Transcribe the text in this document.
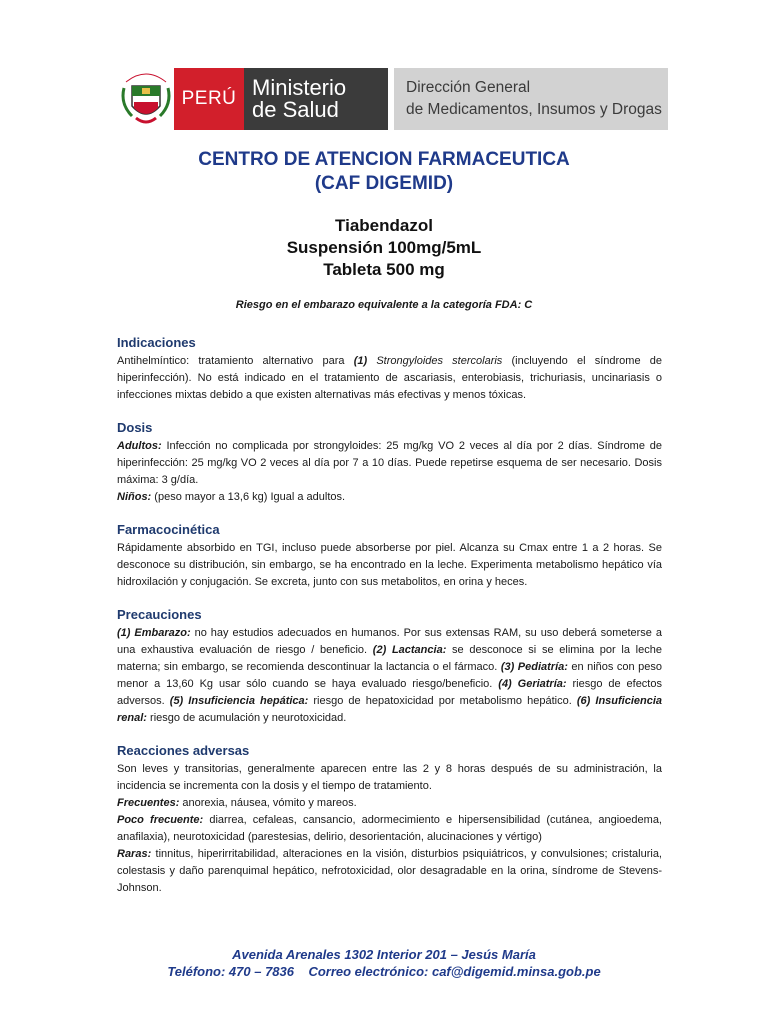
PERÚ Ministerio
de Salud
Dirección General
de Medicamentos, Insumos y Drogas
CENTRO DE ATENCION FARMACEUTICA
(CAF DIGEMID)
Tiabendazol
Suspensión 100mg/5mL
Tableta 500 mg
Riesgo en el embarazo equivalente a la categoría FDA: C
Indicaciones
Antihelmíntico: tratamiento alternativo para (1) Strongyloides stercolaris (incluyendo el síndrome de hiperinfección). No está indicado en el tratamiento de ascariasis, enterobiasis, trichuriasis, uncinariasis o infecciones mixtas debido a que existen alternativas más efectivas y menos tóxicas.
Dosis

Adultos: Infección no complicada por strongyloides: 25 mg/kg VO 2 veces al día por 2 días. Síndrome de hiperinfección: 25 mg/kg VO 2 veces al día por 7 a 10 días. Puede repetirse esquema de ser necesario. Dosis máxima: 3 g/día.

Niños: (peso mayor a 13,6 kg) Igual a adultos.

Farmacocinética
Rápidamente absorbido en TGI, incluso puede absorberse por piel. Alcanza su Cmax entre 1 a 2 horas. Se desconoce su distribución, sin embargo, se ha encontrado en la leche. Experimenta metabolismo hepático vía hidroxilación y conjugación. Se excreta, junto con sus metabolitos, en orina y heces.
Precauciones
(1) Embarazo: no hay estudios adecuados en humanos. Por sus extensas RAM, su uso deberá someterse a una exhaustiva evaluación de riesgo / beneficio. (2) Lactancia: se desconoce si se elimina por la leche materna; sin embargo, se recomienda descontinuar la lactancia o el fármaco. (3) Pediatría: en niños con peso menor a 13,60 Kg usar sólo cuando se haya evaluado riesgo/beneficio. (4) Geriatría: riesgo de efectos adversos. (5) Insuficiencia hepática: riesgo de hepatoxicidad por metabolismo hepático. (6) Insuficiencia renal: riesgo de acumulación y neurotoxicidad.
Reacciones adversas

Son leves y transitorias, generalmente aparecen entre las 2 y 8 horas después de su administración, la incidencia se incrementa con la dosis y el tiempo de tratamiento.

Frecuentes: anorexia, náusea, vómito y mareos.

Poco frecuente: diarrea, cefaleas, cansancio, adormecimiento e hipersensibilidad (cutánea, angioedema, anafilaxia), neurotoxicidad (parestesias, delirio, desorientación, alucinaciones y vértigo)

Raras: tinnitus, hiperirritabilidad, alteraciones en la visión, disturbios psiquiátricos, y convulsiones; cristaluria, colestasis y daño parenquimal hepático, nefrotoxicidad, olor desagradable en la orina, síndrome de Stevens-Johnson.

Avenida Arenales 1302 Interior 201 – Jesús María
Teléfono: 470 – 7836    Correo electrónico: caf@digemid.minsa.gob.pe
